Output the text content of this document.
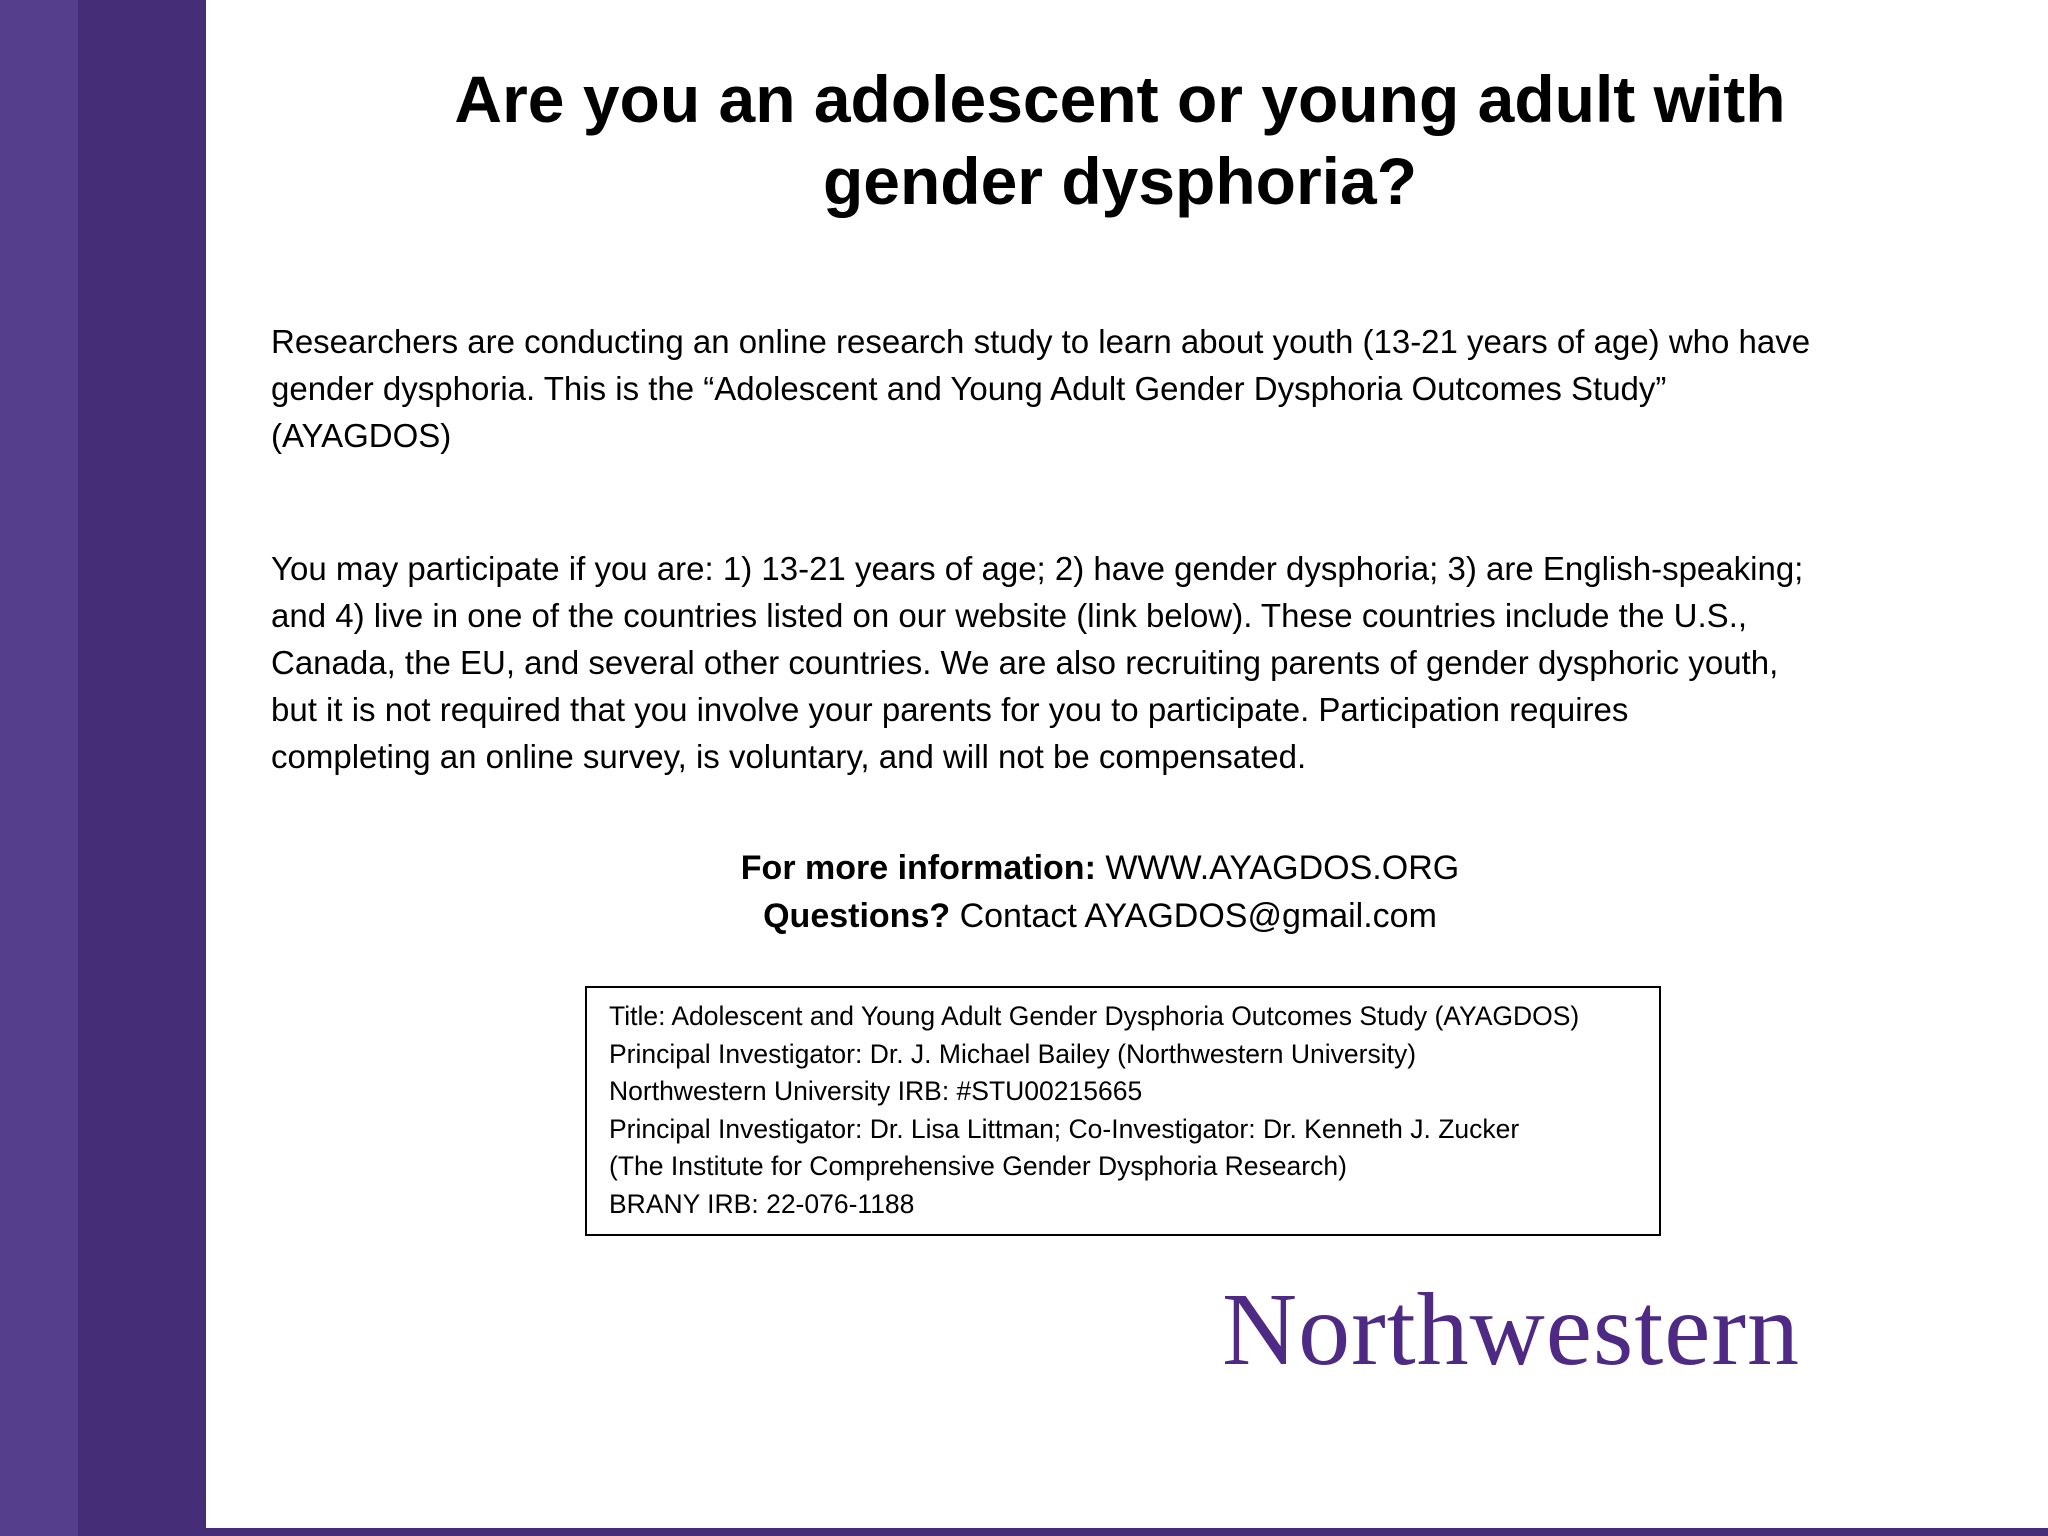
Are you an adolescent or young adult with
gender dysphoria?

Researchers are conducting an online research study to learn about youth (13-21 years of age) who have
gender dysphoria. This is the “Adolescent and Young Adult Gender Dysphoria Outcomes Study”
(AYAGDOS)

You may participate if you are: 1) 13-21 years of age; 2) have gender dysphoria; 3) are English-speaking;
and 4) live in one of the countries listed on our website (link below). These countries include the U.S.,
Canada, the EU, and several other countries. We are also recruiting parents of gender dysphoric youth,
but it is not required that you involve your parents for you to participate. Participation requires
completing an online survey, is voluntary, and will not be compensated.

For more information: WWW.AYAGDOS.ORG
Questions? Contact AYAGDOS@gmail.com
Title: Adolescent and Young Adult Gender Dysphoria Outcomes Study (AYAGDOS)
Principal Investigator: Dr. J. Michael Bailey (Northwestern University)
Northwestern University IRB: #STU00215665
Principal Investigator: Dr. Lisa Littman; Co-Investigator: Dr. Kenneth J. Zucker
(The Institute for Comprehensive Gender Dysphoria Research)
BRANY IRB: 22-076-1188
Northwestern
